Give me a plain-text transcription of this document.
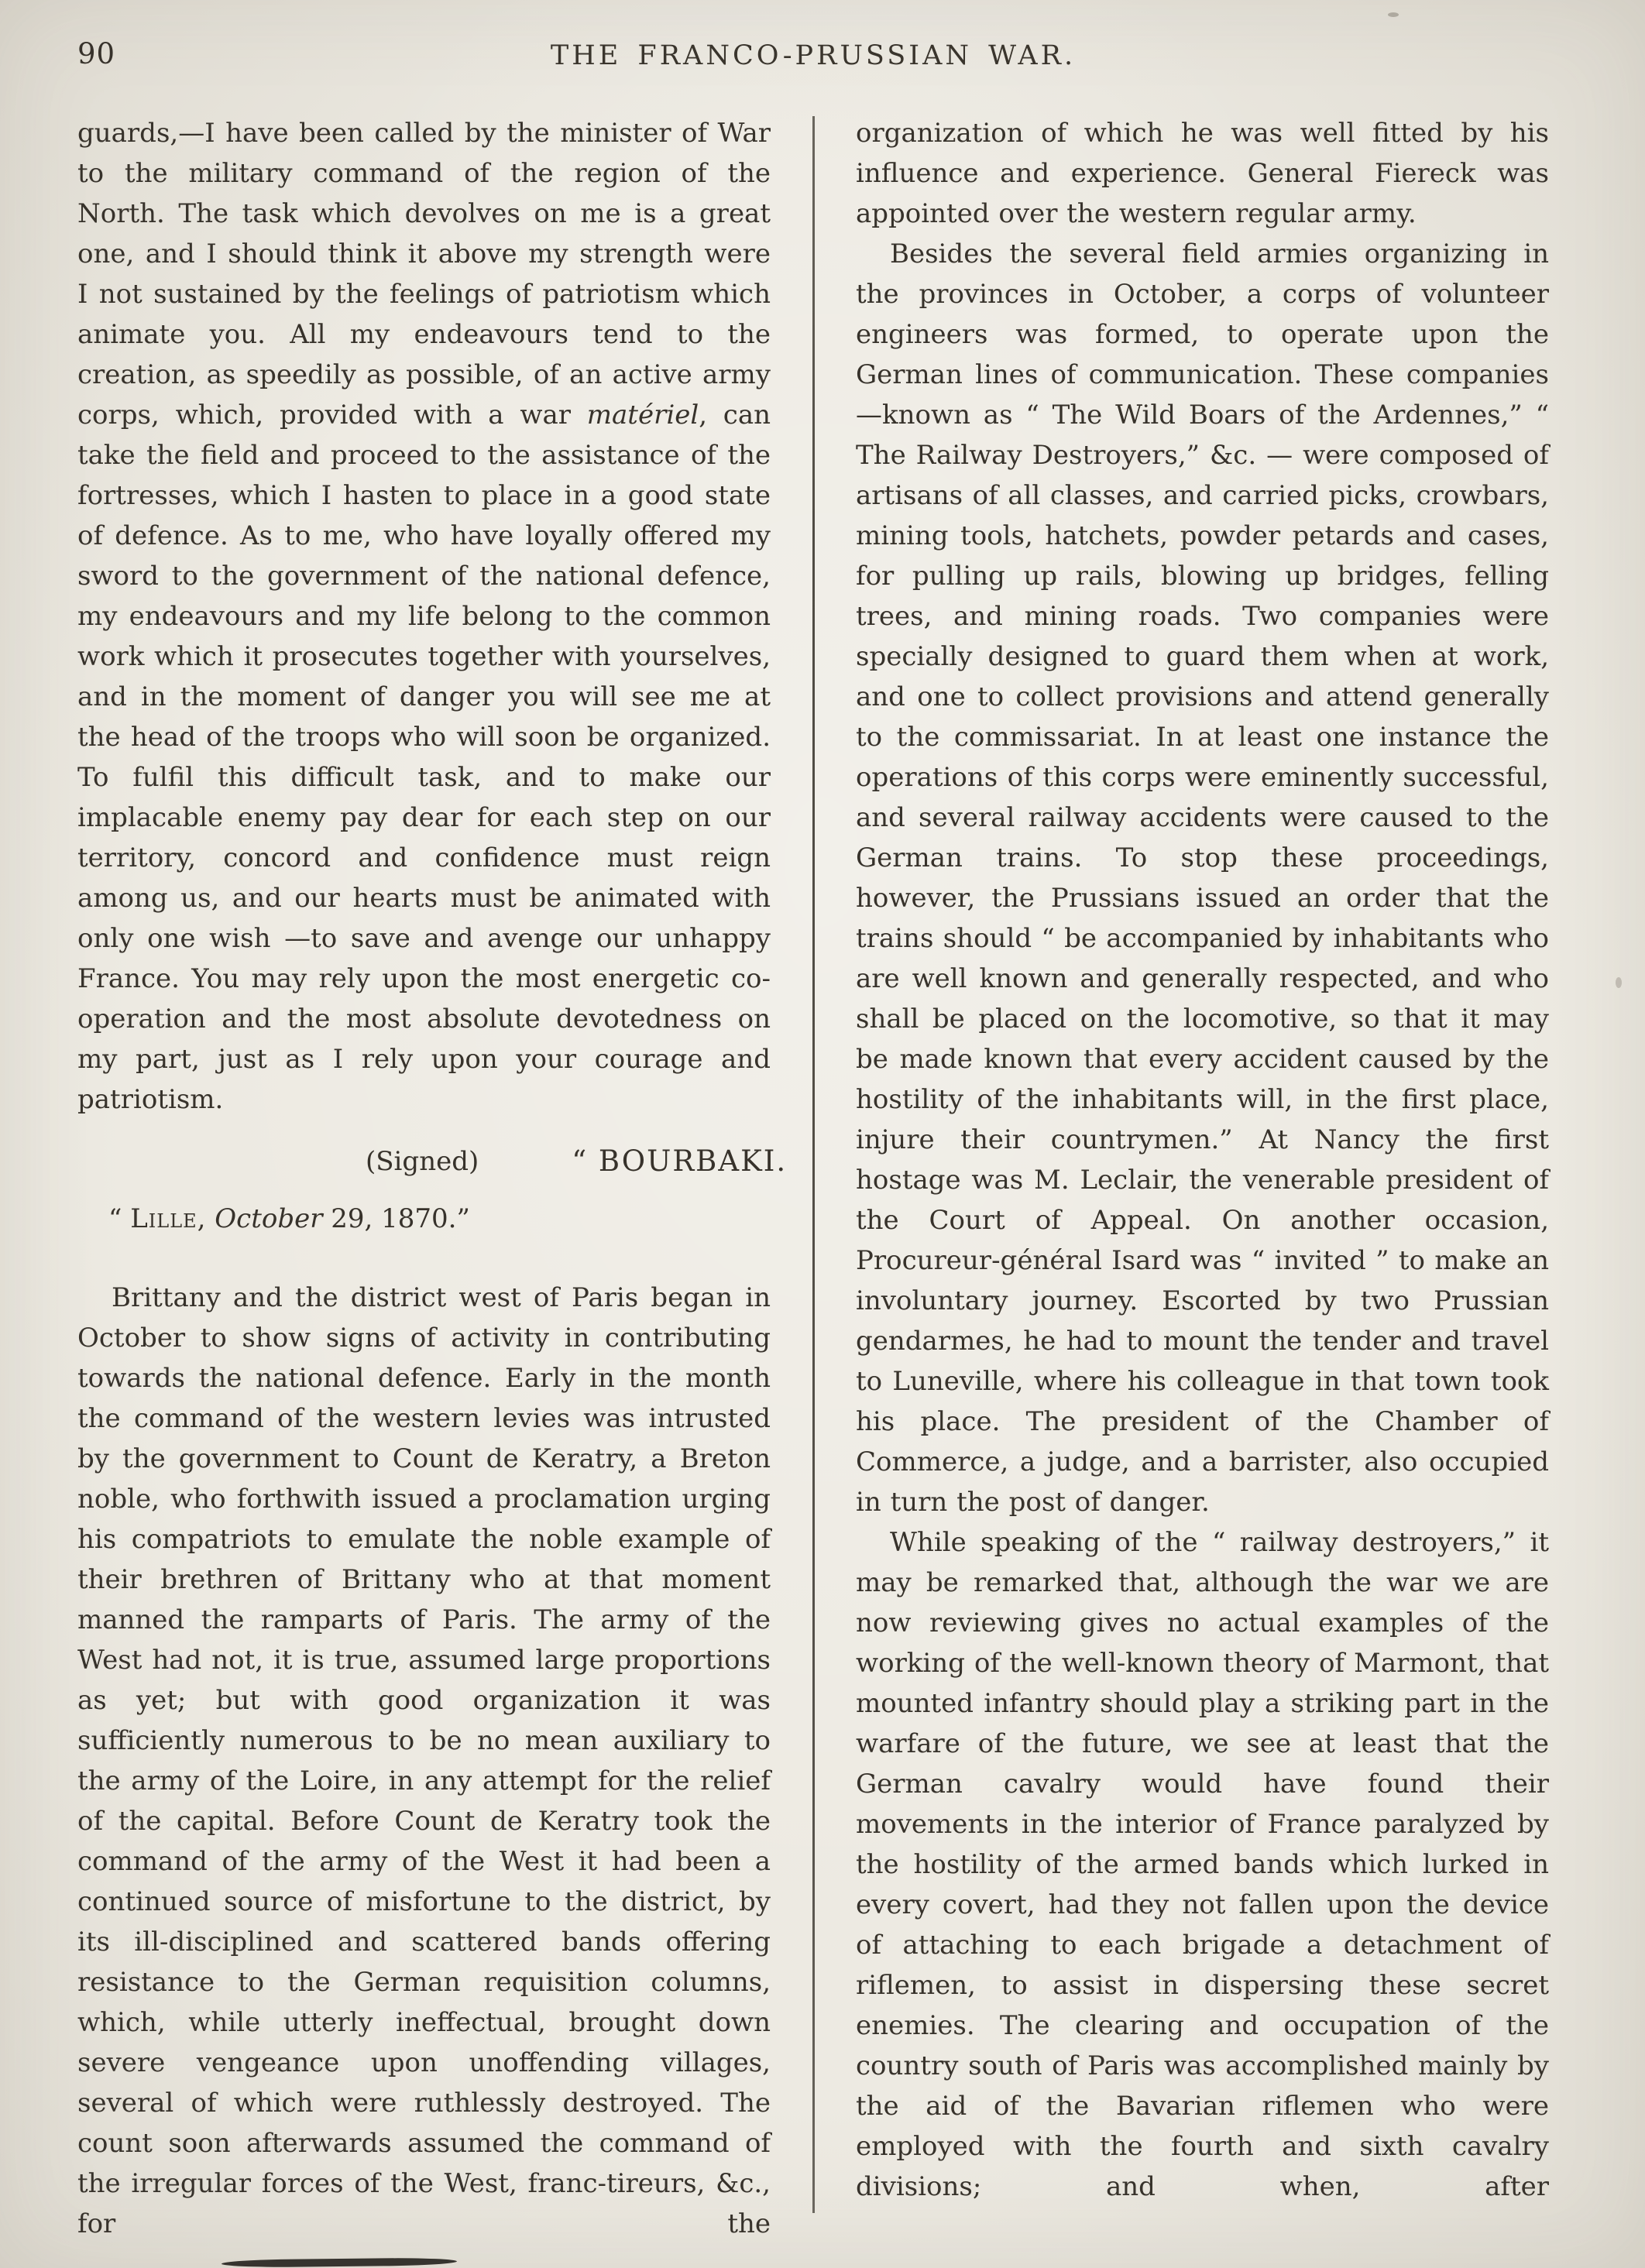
90	THE FRANCO-PRUSSIAN WAR.

guards,—I have been called by the minister of War to the military command of the region of the North. The task which devolves on me is a great one, and I should think it above my strength were I not sustained by the feelings of patriotism which animate you. All my endeavours tend to the creation, as speedily as possible, of an active army corps, which, provided with a war matériel, can take the field and proceed to the assistance of the fortresses, which I hasten to place in a good state of defence. As to me, who have loyally offered my sword to the government of the national defence, my endeavours and my life belong to the common work which it prosecutes together with yourselves, and in the moment of danger you will see me at the head of the troops who will soon be organized. To fulfil this difficult task, and to make our implacable enemy pay dear for each step on our territory, concord and confidence must reign among us, and our hearts must be animated with only one wish —to save and avenge our unhappy France. You may rely upon the most energetic co-operation and the most absolute devotedness on my part, just as I rely upon your courage and patriotism.

(Signed)	“ BOURBAKI.

“ Lille, October 29, 1870.”

Brittany and the district west of Paris began in October to show signs of activity in contributing towards the national defence. Early in the month the command of the western levies was intrusted by the government to Count de Keratry, a Breton noble, who forthwith issued a proclamation urging his compatriots to emulate the noble example of their brethren of Brittany who at that moment manned the ramparts of Paris. The army of the West had not, it is true, assumed large proportions as yet; but with good organization it was sufficiently numerous to be no mean auxiliary to the army of the Loire, in any attempt for the relief of the capital. Before Count de Keratry took the command of the army of the West it had been a continued source of misfortune to the district, by its ill-disciplined and scattered bands offering resistance to the German requisition columns, which, while utterly ineffectual, brought down severe vengeance upon unoffending villages, several of which were ruthlessly destroyed. The count soon afterwards assumed the command of the irregular forces of the West, franc-tireurs, &c., for the

organization of which he was well fitted by his influence and experience. General Fiereck was appointed over the western regular army.

Besides the several field armies organizing in the provinces in October, a corps of volunteer engineers was formed, to operate upon the German lines of communication. These companies—known as “ The Wild Boars of the Ardennes,” “ The Railway Destroyers,” &c. — were composed of artisans of all classes, and carried picks, crowbars, mining tools, hatchets, powder petards and cases, for pulling up rails, blowing up bridges, felling trees, and mining roads. Two companies were specially designed to guard them when at work, and one to collect provisions and attend generally to the commissariat. In at least one instance the operations of this corps were eminently successful, and several railway accidents were caused to the German trains. To stop these proceedings, however, the Prussians issued an order that the trains should “ be accompanied by inhabitants who are well known and generally respected, and who shall be placed on the locomotive, so that it may be made known that every accident caused by the hostility of the inhabitants will, in the first place, injure their countrymen.” At Nancy the first hostage was M. Leclair, the venerable president of the Court of Appeal. On another occasion, Procureur-général Isard was “ invited ” to make an involuntary journey. Escorted by two Prussian gendarmes, he had to mount the tender and travel to Luneville, where his colleague in that town took his place. The president of the Chamber of Commerce, a judge, and a barrister, also occupied in turn the post of danger.

While speaking of the “ railway destroyers,” it may be remarked that, although the war we are now reviewing gives no actual examples of the working of the well-known theory of Marmont, that mounted infantry should play a striking part in the warfare of the future, we see at least that the German cavalry would have found their movements in the interior of France paralyzed by the hostility of the armed bands which lurked in every covert, had they not fallen upon the device of attaching to each brigade a detachment of riflemen, to assist in dispersing these secret enemies. The clearing and occupation of the country south of Paris was accomplished mainly by the aid of the Bavarian riflemen who were employed with the fourth and sixth cavalry divisions; and when, after
